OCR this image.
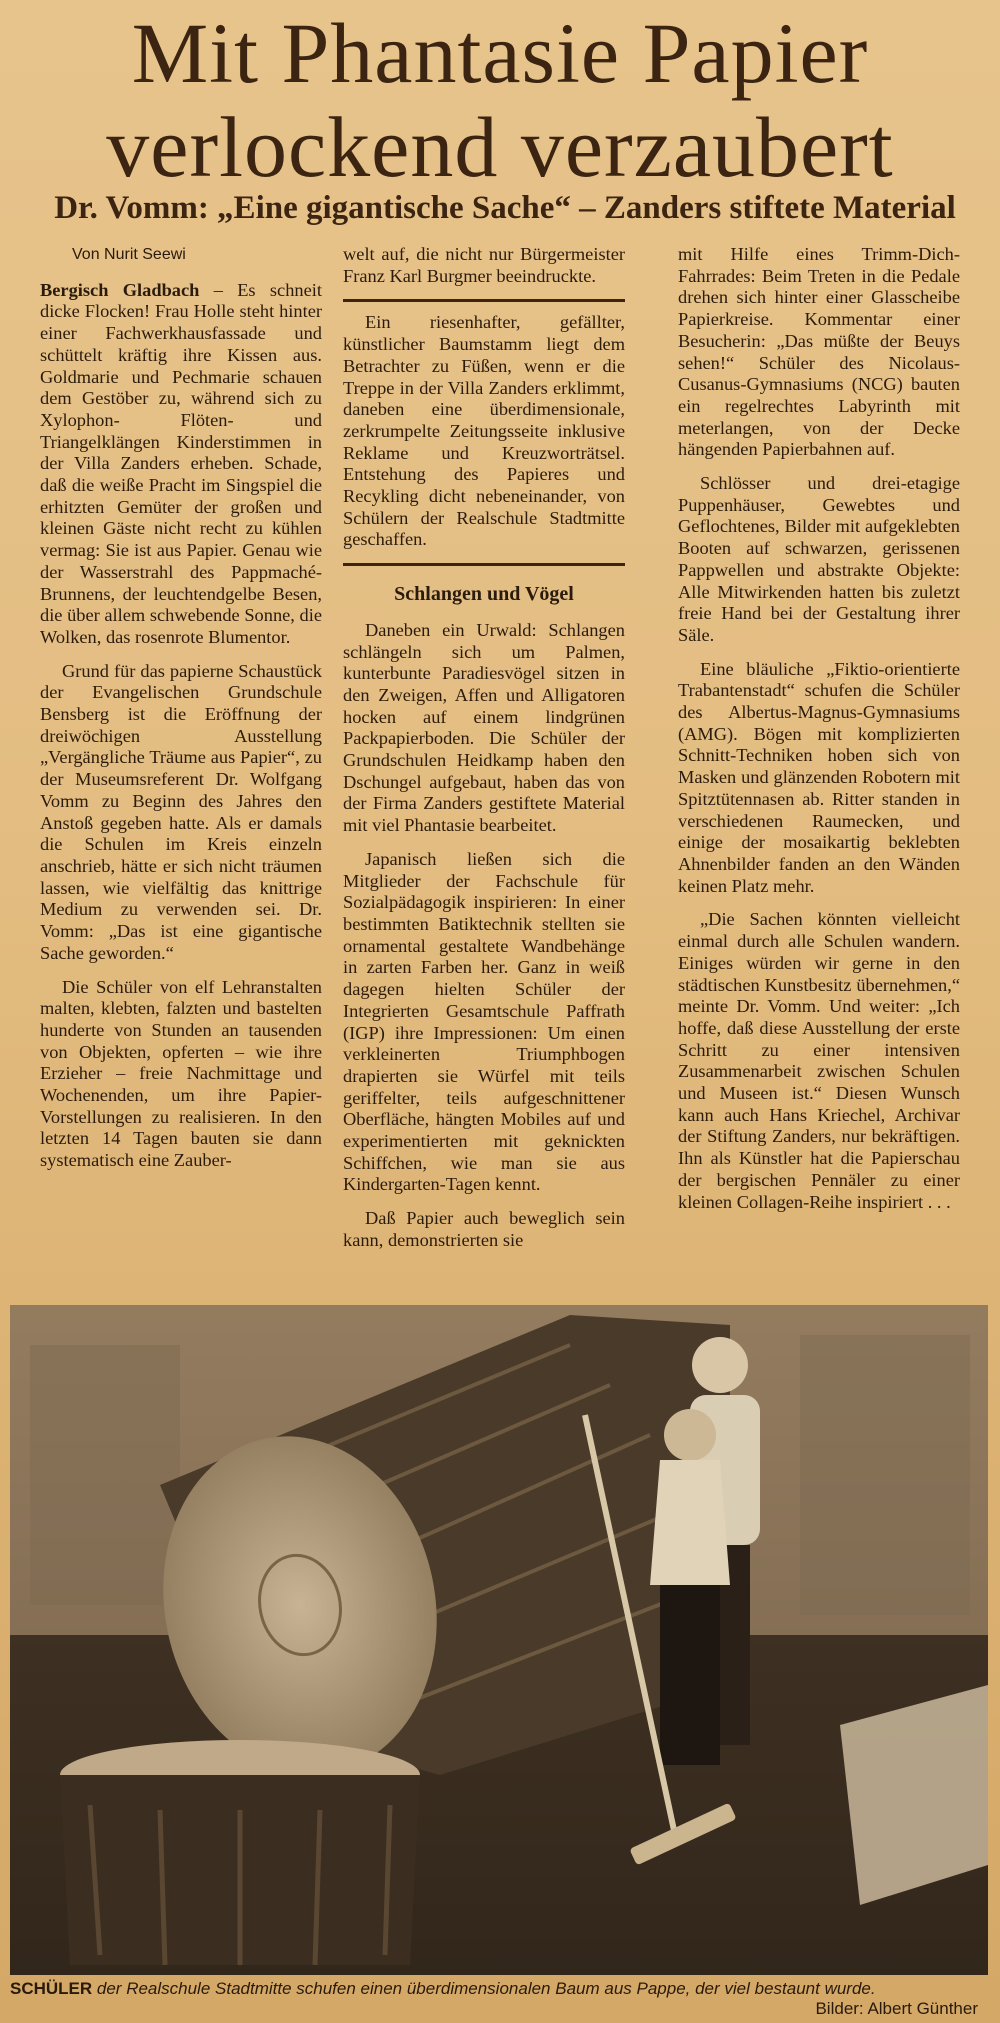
Mit Phantasie Papier
verlockend verzaubert
Dr. Vomm: „Eine gigantische Sache“ – Zanders stiftete Material

Von Nurit Seewi

Bergisch Gladbach – Es schneit dicke Flocken! Frau Holle steht hinter einer Fachwerkhausfassade und schüttelt kräftig ihre Kissen aus. Goldmarie und Pechmarie schauen dem Gestöber zu, während sich zu Xylophon- Flöten- und Triangelklängen Kinderstimmen in der Villa Zanders erheben. Schade, daß die weiße Pracht im Singspiel die erhitzten Gemüter der großen und kleinen Gäste nicht recht zu kühlen vermag: Sie ist aus Papier. Genau wie der Wasserstrahl des Pappmaché-Brunnens, der leuchtendgelbe Besen, die über allem schwebende Sonne, die Wolken, das rosenrote Blumentor.

Grund für das papierne Schaustück der Evangelischen Grundschule Bensberg ist die Eröffnung der dreiwöchigen Ausstellung „Vergängliche Träume aus Papier“, zu der Museumsreferent Dr. Wolfgang Vomm zu Beginn des Jahres den Anstoß gegeben hatte. Als er damals die Schulen im Kreis einzeln anschrieb, hätte er sich nicht träumen lassen, wie vielfältig das knittrige Medium zu verwenden sei. Dr. Vomm: „Das ist eine gigantische Sache geworden.“

Die Schüler von elf Lehranstalten malten, klebten, falzten und bastelten hunderte von Stunden an tausenden von Objekten, opferten – wie ihre Erzieher – freie Nachmittage und Wochenenden, um ihre Papier-Vorstellungen zu realisieren. In den letzten 14 Tagen bauten sie dann systematisch eine Zauber-

welt auf, die nicht nur Bürgermeister Franz Karl Burgmer beeindruckte.

Ein riesenhafter, gefällter, künstlicher Baumstamm liegt dem Betrachter zu Füßen, wenn er die Treppe in der Villa Zanders erklimmt, daneben eine überdimensionale, zerkrumpelte Zeitungsseite inklusive Reklame und Kreuzworträtsel. Entstehung des Papieres und Recykling dicht nebeneinander, von Schülern der Realschule Stadtmitte geschaffen.

Schlangen und Vögel

Daneben ein Urwald: Schlangen schlängeln sich um Palmen, kunterbunte Paradiesvögel sitzen in den Zweigen, Affen und Alligatoren hocken auf einem lindgrünen Packpapierboden. Die Schüler der Grundschulen Heidkamp haben den Dschungel aufgebaut, haben das von der Firma Zanders gestiftete Material mit viel Phantasie bearbeitet.

Japanisch ließen sich die Mitglieder der Fachschule für Sozialpädagogik inspirieren: In einer bestimmten Batiktechnik stellten sie ornamental gestaltete Wandbehänge in zarten Farben her. Ganz in weiß dagegen hielten Schüler der Integrierten Gesamtschule Paffrath (IGP) ihre Impressionen: Um einen verkleinerten Triumphbogen drapierten sie Würfel mit teils geriffelter, teils aufgeschnittener Oberfläche, hängten Mobiles auf und experimentierten mit geknickten Schiffchen, wie man sie aus Kindergarten-Tagen kennt.

Daß Papier auch beweglich sein kann, demonstrierten sie

mit Hilfe eines Trimm-Dich-Fahrrades: Beim Treten in die Pedale drehen sich hinter einer Glasscheibe Papierkreise. Kommentar einer Besucherin: „Das müßte der Beuys sehen!“ Schüler des Nicolaus-Cusanus-Gymnasiums (NCG) bauten ein regelrechtes Labyrinth mit meterlangen, von der Decke hängenden Papierbahnen auf.

Schlösser und drei-etagige Puppenhäuser, Gewebtes und Geflochtenes, Bilder mit aufgeklebten Booten auf schwarzen, gerissenen Pappwellen und abstrakte Objekte: Alle Mitwirkenden hatten bis zuletzt freie Hand bei der Gestaltung ihrer Säle.

Eine bläuliche „Fiktio-orientierte Trabantenstadt“ schufen die Schüler des Albertus-Magnus-Gymnasiums (AMG). Bögen mit komplizierten Schnitt-Techniken hoben sich von Masken und glänzenden Robotern mit Spitztütennasen ab. Ritter standen in verschiedenen Raumecken, und einige der mosaikartig beklebten Ahnenbilder fanden an den Wänden keinen Platz mehr.

„Die Sachen könnten vielleicht einmal durch alle Schulen wandern. Einiges würden wir gerne in den städtischen Kunstbesitz übernehmen,“ meinte Dr. Vomm. Und weiter: „Ich hoffe, daß diese Ausstellung der erste Schritt zu einer intensiven Zusammenarbeit zwischen Schulen und Museen ist.“ Diesen Wunsch kann auch Hans Kriechel, Archivar der Stiftung Zanders, nur bekräftigen. Ihn als Künstler hat die Papierschau der bergischen Pennäler zu einer kleinen Collagen-Reihe inspiriert . . .

SCHÜLER der Realschule Stadtmitte schufen einen überdimensionalen Baum aus Pappe, der viel bestaunt wurde.
Bilder: Albert Günther
